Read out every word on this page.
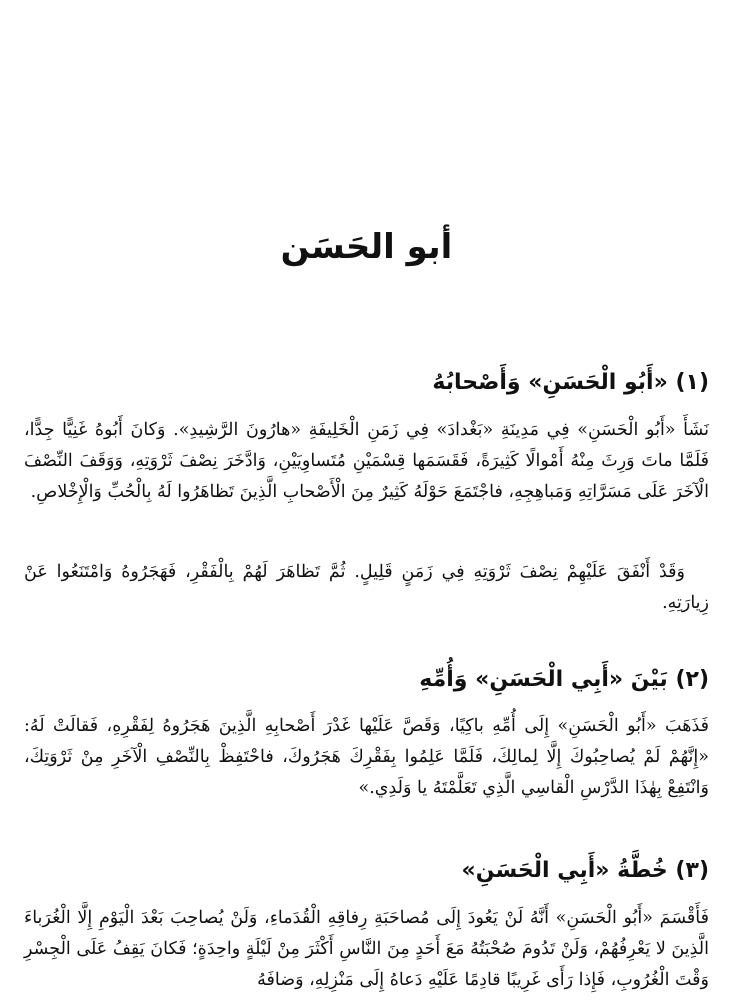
أبو الحَسَن
(١) «أَبُو الْحَسَنِ» وَأَصْحابُهُ

نَشَأَ «أَبُو الْحَسَنِ» فِي مَدِينَةِ «بَغْدادَ» فِي زَمَنِ الْخَلِيفَةِ «هارُونَ الرَّشِيدِ». وَكانَ أَبُوهُ غَنِيًّا جِدًّا، فَلَمَّا ماتَ وَرِثَ مِنْهُ أَمْوالًا كَثِيرَةً، فَقَسَمَها قِسْمَيْنِ مُتَساوِيَيْنِ، وَادَّخَرَ نِصْفَ ثَرْوَتِهِ، وَوَقَفَ النِّصْفَ الْآخَرَ عَلَى مَسَرَّاتِهِ وَمَباهِجِهِ، فاجْتَمَعَ حَوْلَهُ كَثِيرٌ مِنَ الْأَصْحابِ الَّذِينَ تَظاهَرُوا لَهُ بِالْحُبِّ وَالْإِخْلاصِ.

وَقَدْ أَنْفَقَ عَلَيْهِمْ نِصْفَ ثَرْوَتِهِ فِي زَمَنٍ قَلِيلٍ. ثُمَّ تَظاهَرَ لَهُمْ بِالْفَقْرِ، فَهَجَرُوهُ وَامْتَنَعُوا عَنْ زِيارَتِهِ.

(٢) بَيْنَ «أَبِي الْحَسَنِ» وَأُمِّهِ

فَذَهَبَ «أَبُو الْحَسَنِ» إِلَى أُمِّهِ باكِيًا، وَقَصَّ عَلَيْها غَدْرَ أَصْحابِهِ الَّذِينَ هَجَرُوهُ لِفَقْرِهِ، فَقالَتْ لَهُ: «إِنَّهُمْ لَمْ يُصاحِبُوكَ إِلَّا لِمالِكَ، فَلَمَّا عَلِمُوا بِفَقْرِكَ هَجَرُوكَ، فاحْتَفِظْ بِالنِّصْفِ الْآخَرِ مِنْ ثَرْوَتِكَ، وَانْتَفِعْ بِهٰذَا الدَّرْسِ الْقاسِي الَّذِي تَعَلَّمْتَهُ يا وَلَدِي.»

(٣) خُطَّةُ «أَبِي الْحَسَنِ»

فَأَقْسَمَ «أَبُو الْحَسَنِ» أَنَّهُ لَنْ يَعُودَ إِلَى مُصاحَبَةِ رِفاقِهِ الْقُدَماءِ، وَلَنْ يُصاحِبَ بَعْدَ الْيَوْمِ إِلَّا الْغُرَباءَ الَّذِينَ لا يَعْرِفُهُمْ، وَلَنْ تَدُومَ صُحْبَتُهُ مَعَ أَحَدٍ مِنَ النَّاسِ أَكْثَرَ مِنْ لَيْلَةٍ واحِدَةٍ؛ فَكانَ يَقِفُ عَلَى الْجِسْرِ وَقْتَ الْغُرُوبِ، فَإِذا رَأَى غَرِيبًا قادِمًا عَلَيْهِ دَعاهُ إِلَى مَنْزِلِهِ، وَضافَهُ
